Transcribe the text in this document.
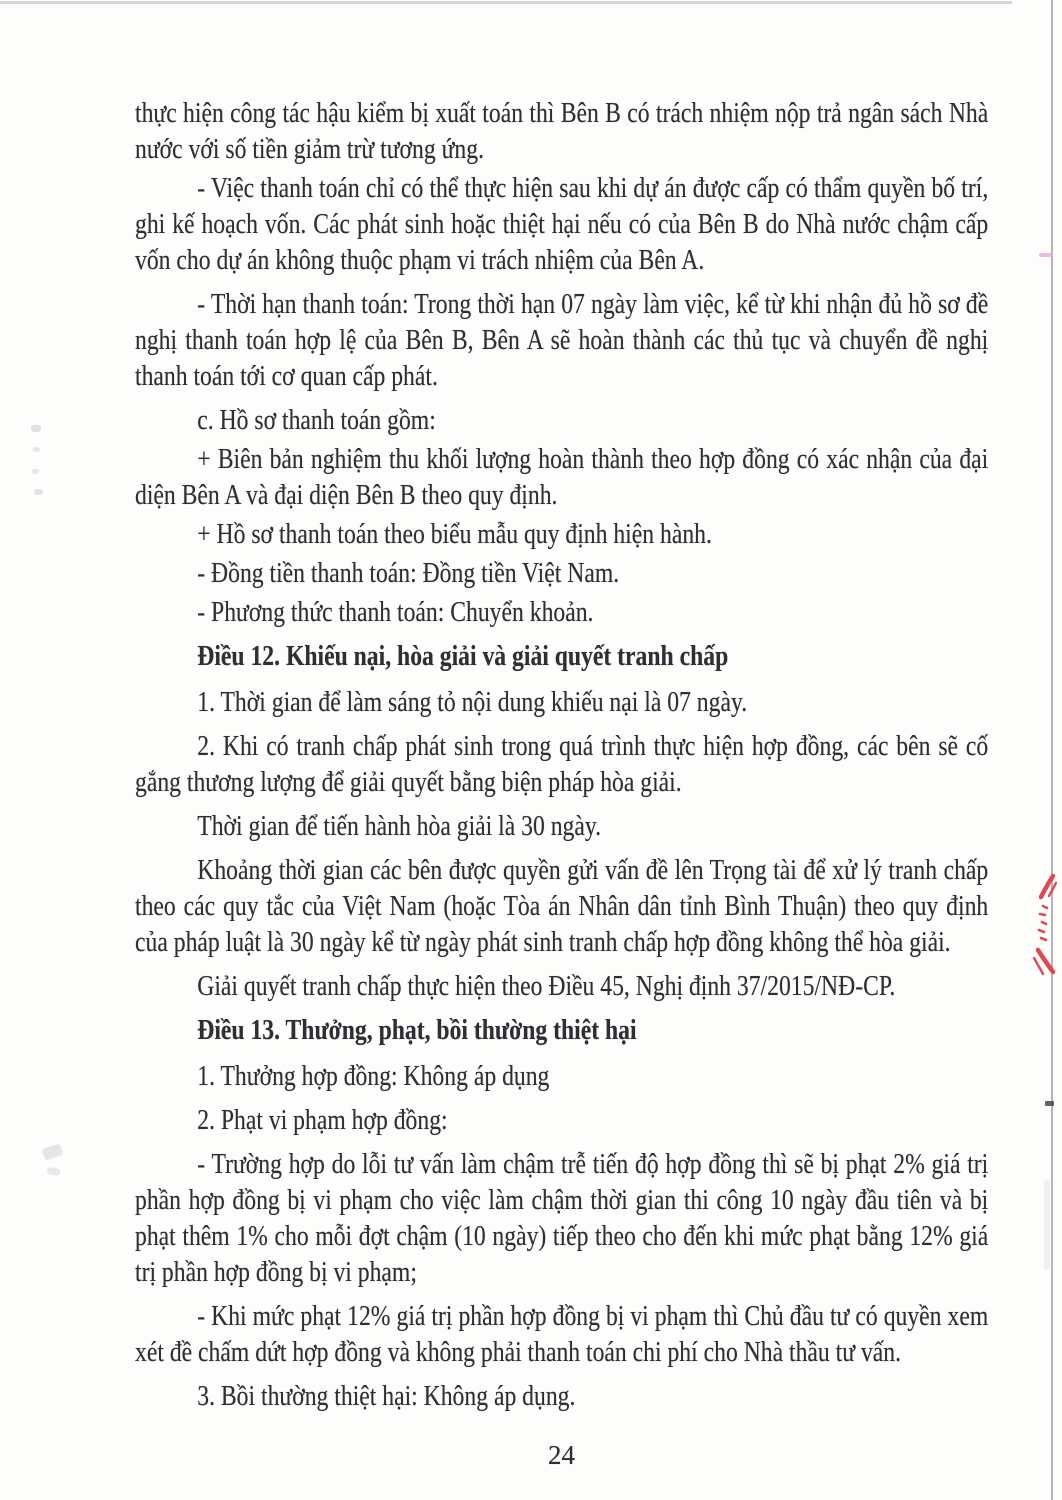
thực hiện công tác hậu kiểm bị xuất toán thì Bên B có trách nhiệm nộp trả ngân sách Nhà nước với số tiền giảm trừ tương ứng.

- Việc thanh toán chỉ có thể thực hiện sau khi dự án được cấp có thẩm quyền bố trí, ghi kế hoạch vốn. Các phát sinh hoặc thiệt hại nếu có của Bên B do Nhà nước chậm cấp vốn cho dự án không thuộc phạm vi trách nhiệm của Bên A.

- Thời hạn thanh toán: Trong thời hạn 07 ngày làm việc, kể từ khi nhận đủ hồ sơ đề nghị thanh toán hợp lệ của Bên B, Bên A sẽ hoàn thành các thủ tục và chuyển đề nghị thanh toán tới cơ quan cấp phát.

c. Hồ sơ thanh toán gồm:

+ Biên bản nghiệm thu khối lượng hoàn thành theo hợp đồng có xác nhận của đại diện Bên A và đại diện Bên B theo quy định.

+ Hồ sơ thanh toán theo biểu mẫu quy định hiện hành.

- Đồng tiền thanh toán: Đồng tiền Việt Nam.

- Phương thức thanh toán: Chuyển khoản.

Điều 12. Khiếu nại, hòa giải và giải quyết tranh chấp

1. Thời gian để làm sáng tỏ nội dung khiếu nại là 07 ngày.

2. Khi có tranh chấp phát sinh trong quá trình thực hiện hợp đồng, các bên sẽ cố gắng thương lượng để giải quyết bằng biện pháp hòa giải.

Thời gian để tiến hành hòa giải là 30 ngày.

Khoảng thời gian các bên được quyền gửi vấn đề lên Trọng tài để xử lý tranh chấp theo các quy tắc của Việt Nam (hoặc Tòa án Nhân dân tỉnh Bình Thuận) theo quy định của pháp luật là 30 ngày kể từ ngày phát sinh tranh chấp hợp đồng không thể hòa giải.

Giải quyết tranh chấp thực hiện theo Điều 45, Nghị định 37/2015/NĐ-CP.

Điều 13. Thưởng, phạt, bồi thường thiệt hại

1. Thưởng hợp đồng: Không áp dụng

2. Phạt vi phạm hợp đồng:

- Trường hợp do lỗi tư vấn làm chậm trễ tiến độ hợp đồng thì sẽ bị phạt 2% giá trị phần hợp đồng bị vi phạm cho việc làm chậm thời gian thi công 10 ngày đầu tiên và bị phạt thêm 1% cho mỗi đợt chậm (10 ngày) tiếp theo cho đến khi mức phạt bằng 12% giá trị phần hợp đồng bị vi phạm;

- Khi mức phạt 12% giá trị phần hợp đồng bị vi phạm thì Chủ đầu tư có quyền xem xét đề chấm dứt hợp đồng và không phải thanh toán chi phí cho Nhà thầu tư vấn.

3. Bồi thường thiệt hại: Không áp dụng.

24
